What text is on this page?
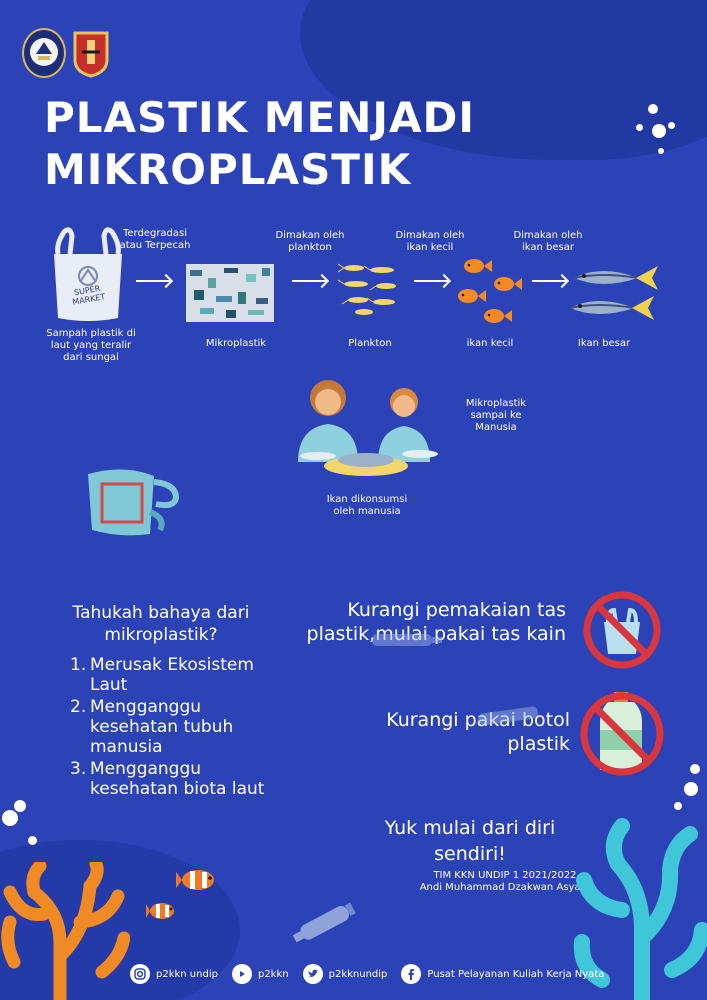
PLASTIK MENJADI
MIKROPLASTIK
SUPER MARKET
Sampah plastik di laut yang teralir dari sungai
Terdegradasi atau Terpecah
Mikroplastik
Dimakan oleh plankton
Plankton
Dimakan oleh ikan kecil
ikan kecil
Dimakan oleh ikan besar
Ikan besar
Mikroplastik sampai ke Manusia
Ikan dikonsumsi oleh manusia
Tahukah bahaya dari mikroplastik?
1. Merusak Ekosistem Laut
2. Mengganggu kesehatan tubuh manusia
3. Mengganggu kesehatan biota laut
Kurangi pemakaian tas plastik,mulai pakai tas kain
Kurangi pakai botol plastik
Yuk mulai dari diri sendiri!
TIM KKN UNDIP 1 2021/2022
Andi Muhammad Dzakwan Asyam
p2kkn undip	p2kkn	p2kknundip	Pusat Pelayanan Kuliah Kerja Nyata
